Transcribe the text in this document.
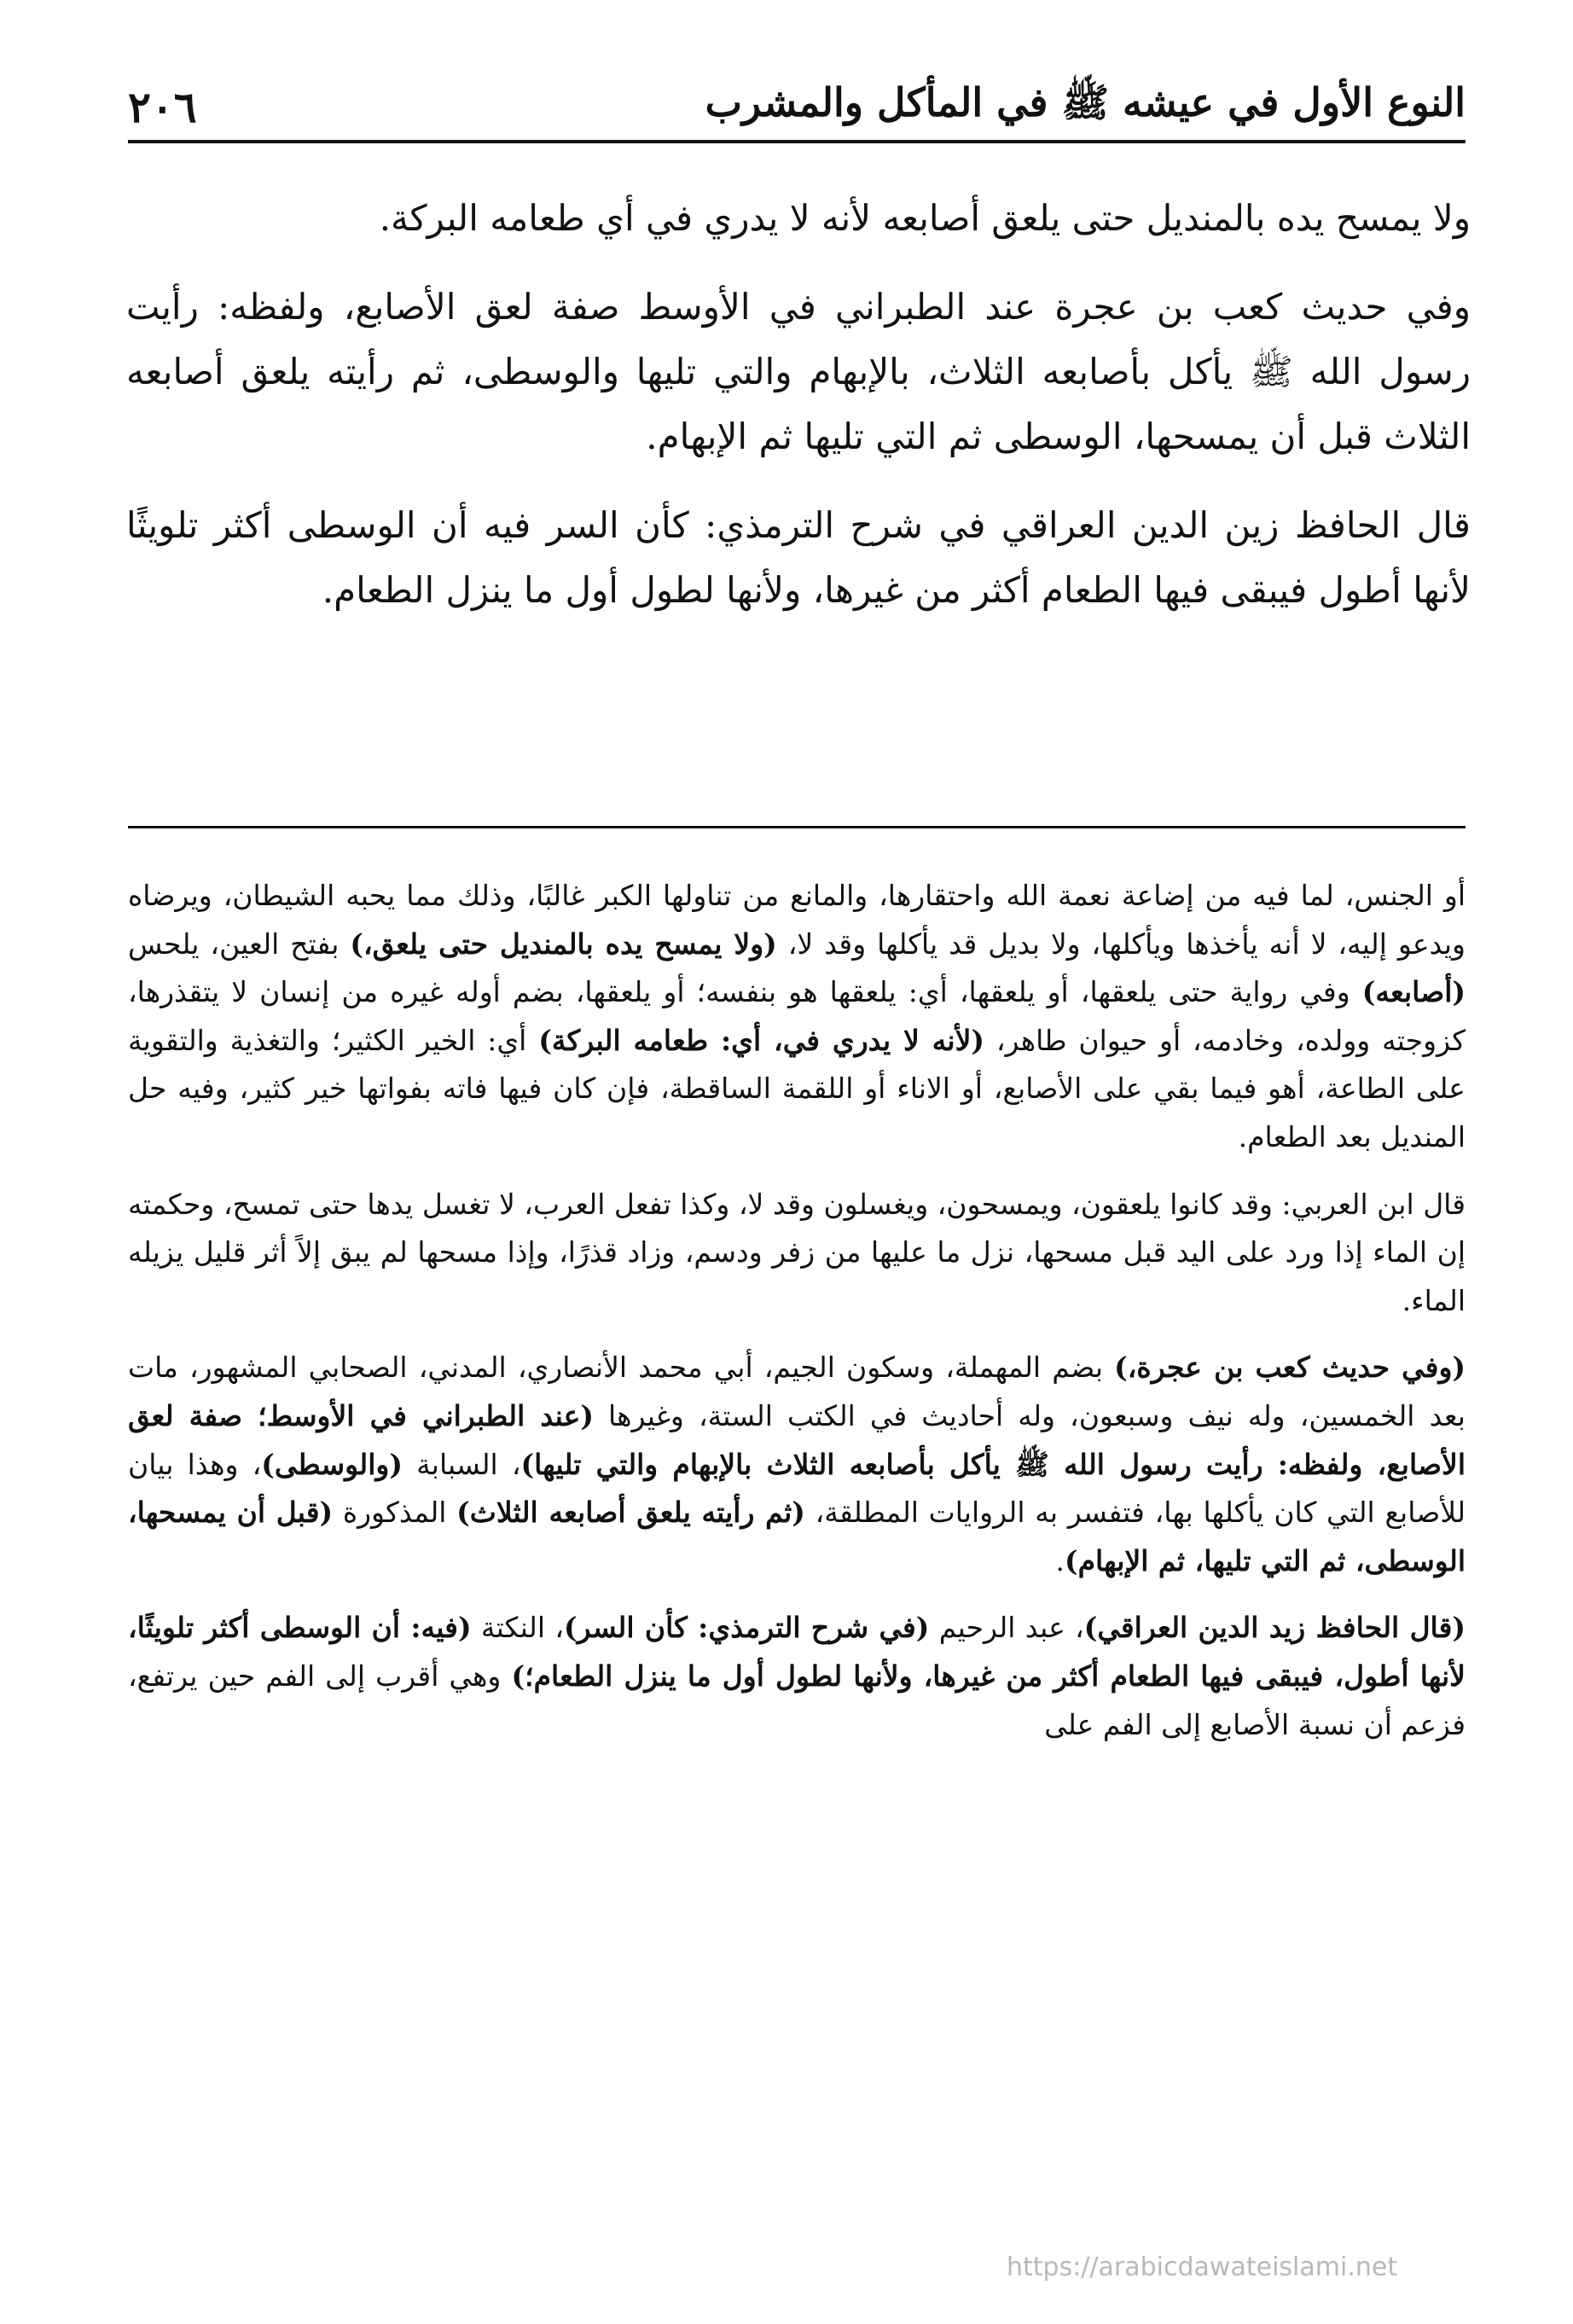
النوع الأول في عيشه ﷺ في المأكل والمشرب
٢٠٦

ولا يمسح يده بالمنديل حتى يلعق أصابعه لأنه لا يدري في أي طعامه البركة.

وفي حديث كعب بن عجرة عند الطبراني في الأوسط صفة لعق الأصابع، ولفظه: رأيت رسول الله ﷺ يأكل بأصابعه الثلاث، بالإبهام والتي تليها والوسطى، ثم رأيته يلعق أصابعه الثلاث قبل أن يمسحها، الوسطى ثم التي تليها ثم الإبهام.

قال الحافظ زين الدين العراقي في شرح الترمذي: كأن السر فيه أن الوسطى أكثر تلويثًا لأنها أطول فيبقى فيها الطعام أكثر من غيرها، ولأنها لطول أول ما ينزل الطعام.

أو الجنس، لما فيه من إضاعة نعمة الله واحتقارها، والمانع من تناولها الكبر غالبًا، وذلك مما يحبه الشيطان، ويرضاه ويدعو إليه، لا أنه يأخذها ويأكلها، ولا بديل قد يأكلها وقد لا، (ولا يمسح يده بالمنديل حتى يلعق،) بفتح العين، يلحس (أصابعه) وفي رواية حتى يلعقها، أو يلعقها، أي: يلعقها هو بنفسه؛ أو يلعقها، بضم أوله غيره من إنسان لا يتقذرها، كزوجته وولده، وخادمه، أو حيوان طاهر، (لأنه لا يدري في، أي: طعامه البركة) أي: الخير الكثير؛ والتغذية والتقوية على الطاعة، أهو فيما بقي على الأصابع، أو الاناء أو اللقمة الساقطة، فإن كان فيها فاته بفواتها خير كثير، وفيه حل المنديل بعد الطعام.

قال ابن العربي: وقد كانوا يلعقون، ويمسحون، ويغسلون وقد لا، وكذا تفعل العرب، لا تغسل يدها حتى تمسح، وحكمته إن الماء إذا ورد على اليد قبل مسحها، نزل ما عليها من زفر ودسم، وزاد قذرًا، وإذا مسحها لم يبق إلاً أثر قليل يزيله الماء.

(وفي حديث كعب بن عجرة،) بضم المهملة، وسكون الجيم، أبي محمد الأنصاري، المدني، الصحابي المشهور، مات بعد الخمسين، وله نيف وسبعون، وله أحاديث في الكتب الستة، وغيرها (عند الطبراني في الأوسط؛ صفة لعق الأصابع، ولفظه: رأيت رسول الله ﷺ يأكل بأصابعه الثلاث بالإبهام والتي تليها)، السبابة (والوسطى)، وهذا بيان للأصابع التي كان يأكلها بها، فتفسر به الروايات المطلقة، (ثم رأيته يلعق أصابعه الثلاث) المذكورة (قبل أن يمسحها، الوسطى، ثم التي تليها، ثم الإبهام).

(قال الحافظ زيد الدين العراقي)، عبد الرحيم (في شرح الترمذي: كأن السر)، النكتة (فيه: أن الوسطى أكثر تلويثًا، لأنها أطول، فيبقى فيها الطعام أكثر من غيرها، ولأنها لطول أول ما ينزل الطعام؛) وهي أقرب إلى الفم حين يرتفع، فزعم أن نسبة الأصابع إلى الفم على

https://arabicdawateislami.net
